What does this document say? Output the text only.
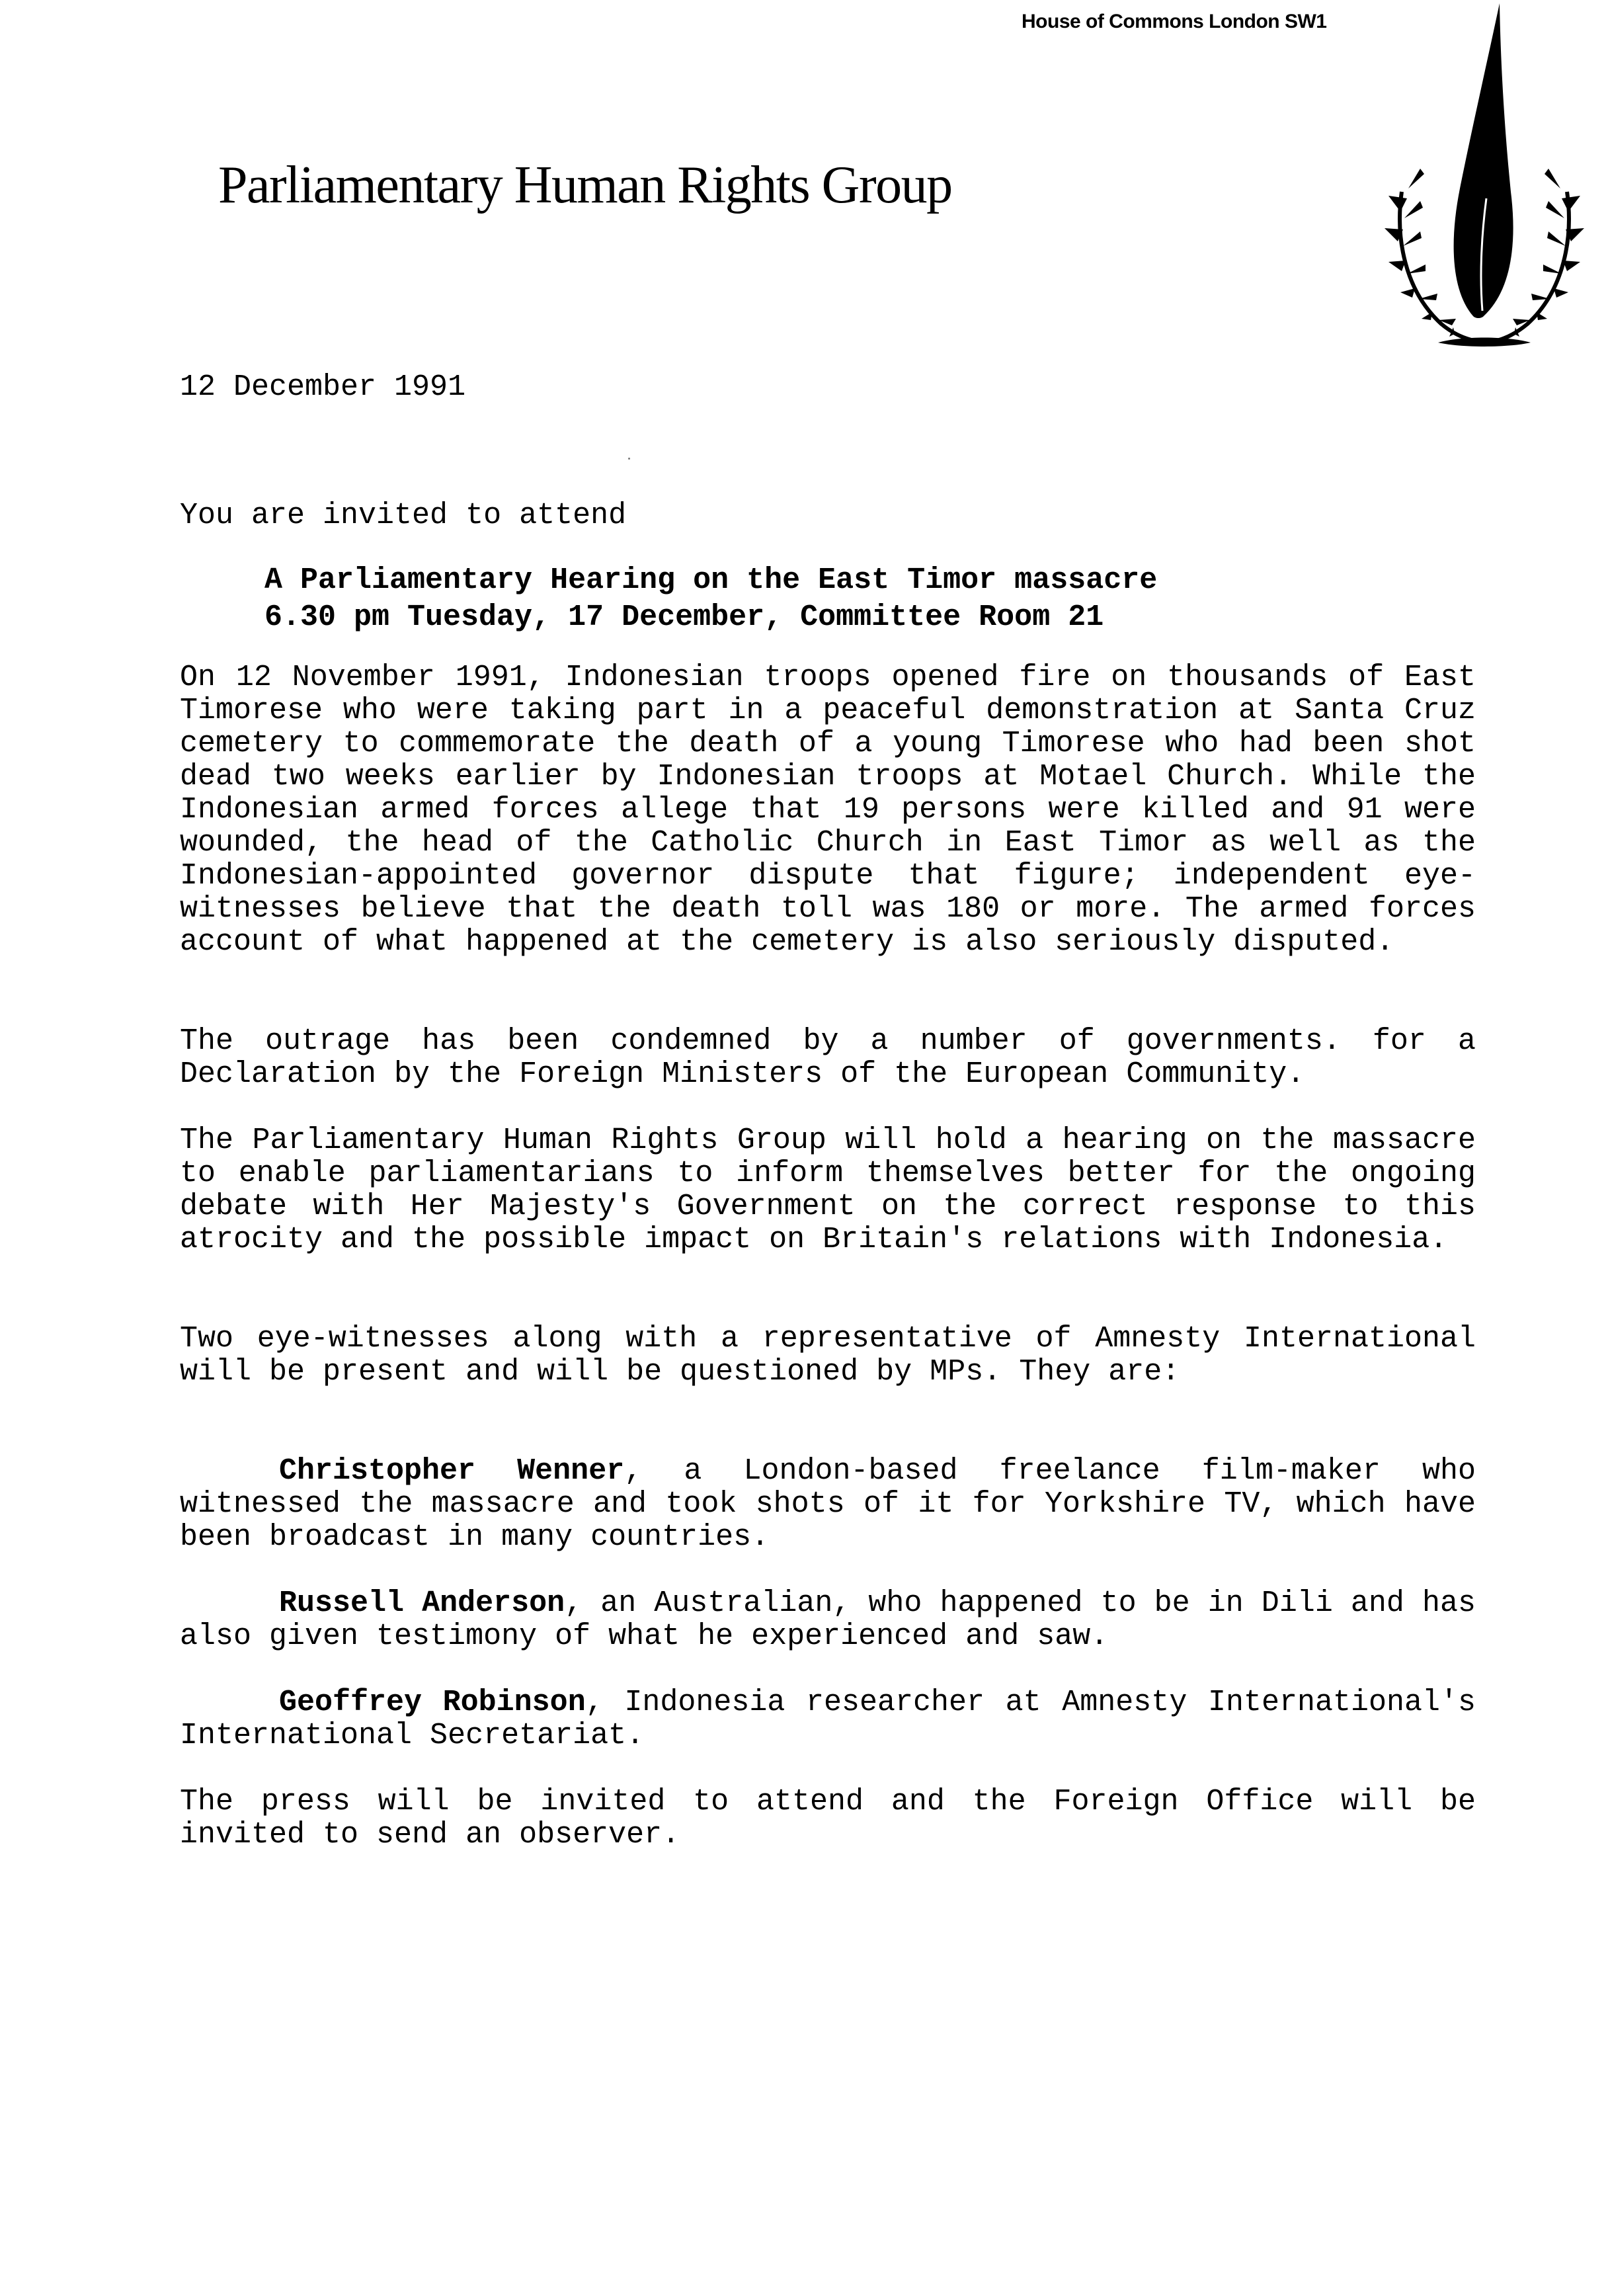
House of Commons London SW1
Parliamentary Human Rights Group
12 December 1991
You are invited to attend
A Parliamentary Hearing on the East Timor massacre
6.30 pm Tuesday, 17 December, Committee Room 21
On 12 November 1991, Indonesian troops opened fire on thousands of East Timorese who were taking part in a peaceful demonstration at Santa Cruz cemetery to commemorate the death of a young Timorese who had been shot dead two weeks earlier by Indonesian troops at Motael Church. While the Indonesian armed forces allege that 19 persons were killed and 91 were wounded, the head of the Catholic Church in East Timor as well as the Indonesian-appointed governor dispute that figure; independent eye-witnesses believe that the death toll was 180 or more. The armed forces account of what happened at the cemetery is also seriously disputed.
The outrage has been condemned by a number of governments. for a Declaration by the Foreign Ministers of the European Community.
The Parliamentary Human Rights Group will hold a hearing on the massacre to enable parliamentarians to inform themselves better for the ongoing debate with Her Majesty's Government on the correct response to this atrocity and the possible impact on Britain's relations with Indonesia.
Two eye-witnesses along with a representative of Amnesty International will be present and will be questioned by MPs. They are:
Christopher Wenner, a London-based freelance film-maker who witnessed the massacre and took shots of it for Yorkshire TV, which have been broadcast in many countries.
Russell Anderson, an Australian, who happened to be in Dili and has also given testimony of what he experienced and saw.
Geoffrey Robinson, Indonesia researcher at Amnesty International's International Secretariat.
The press will be invited to attend and the Foreign Office will be invited to send an observer.
